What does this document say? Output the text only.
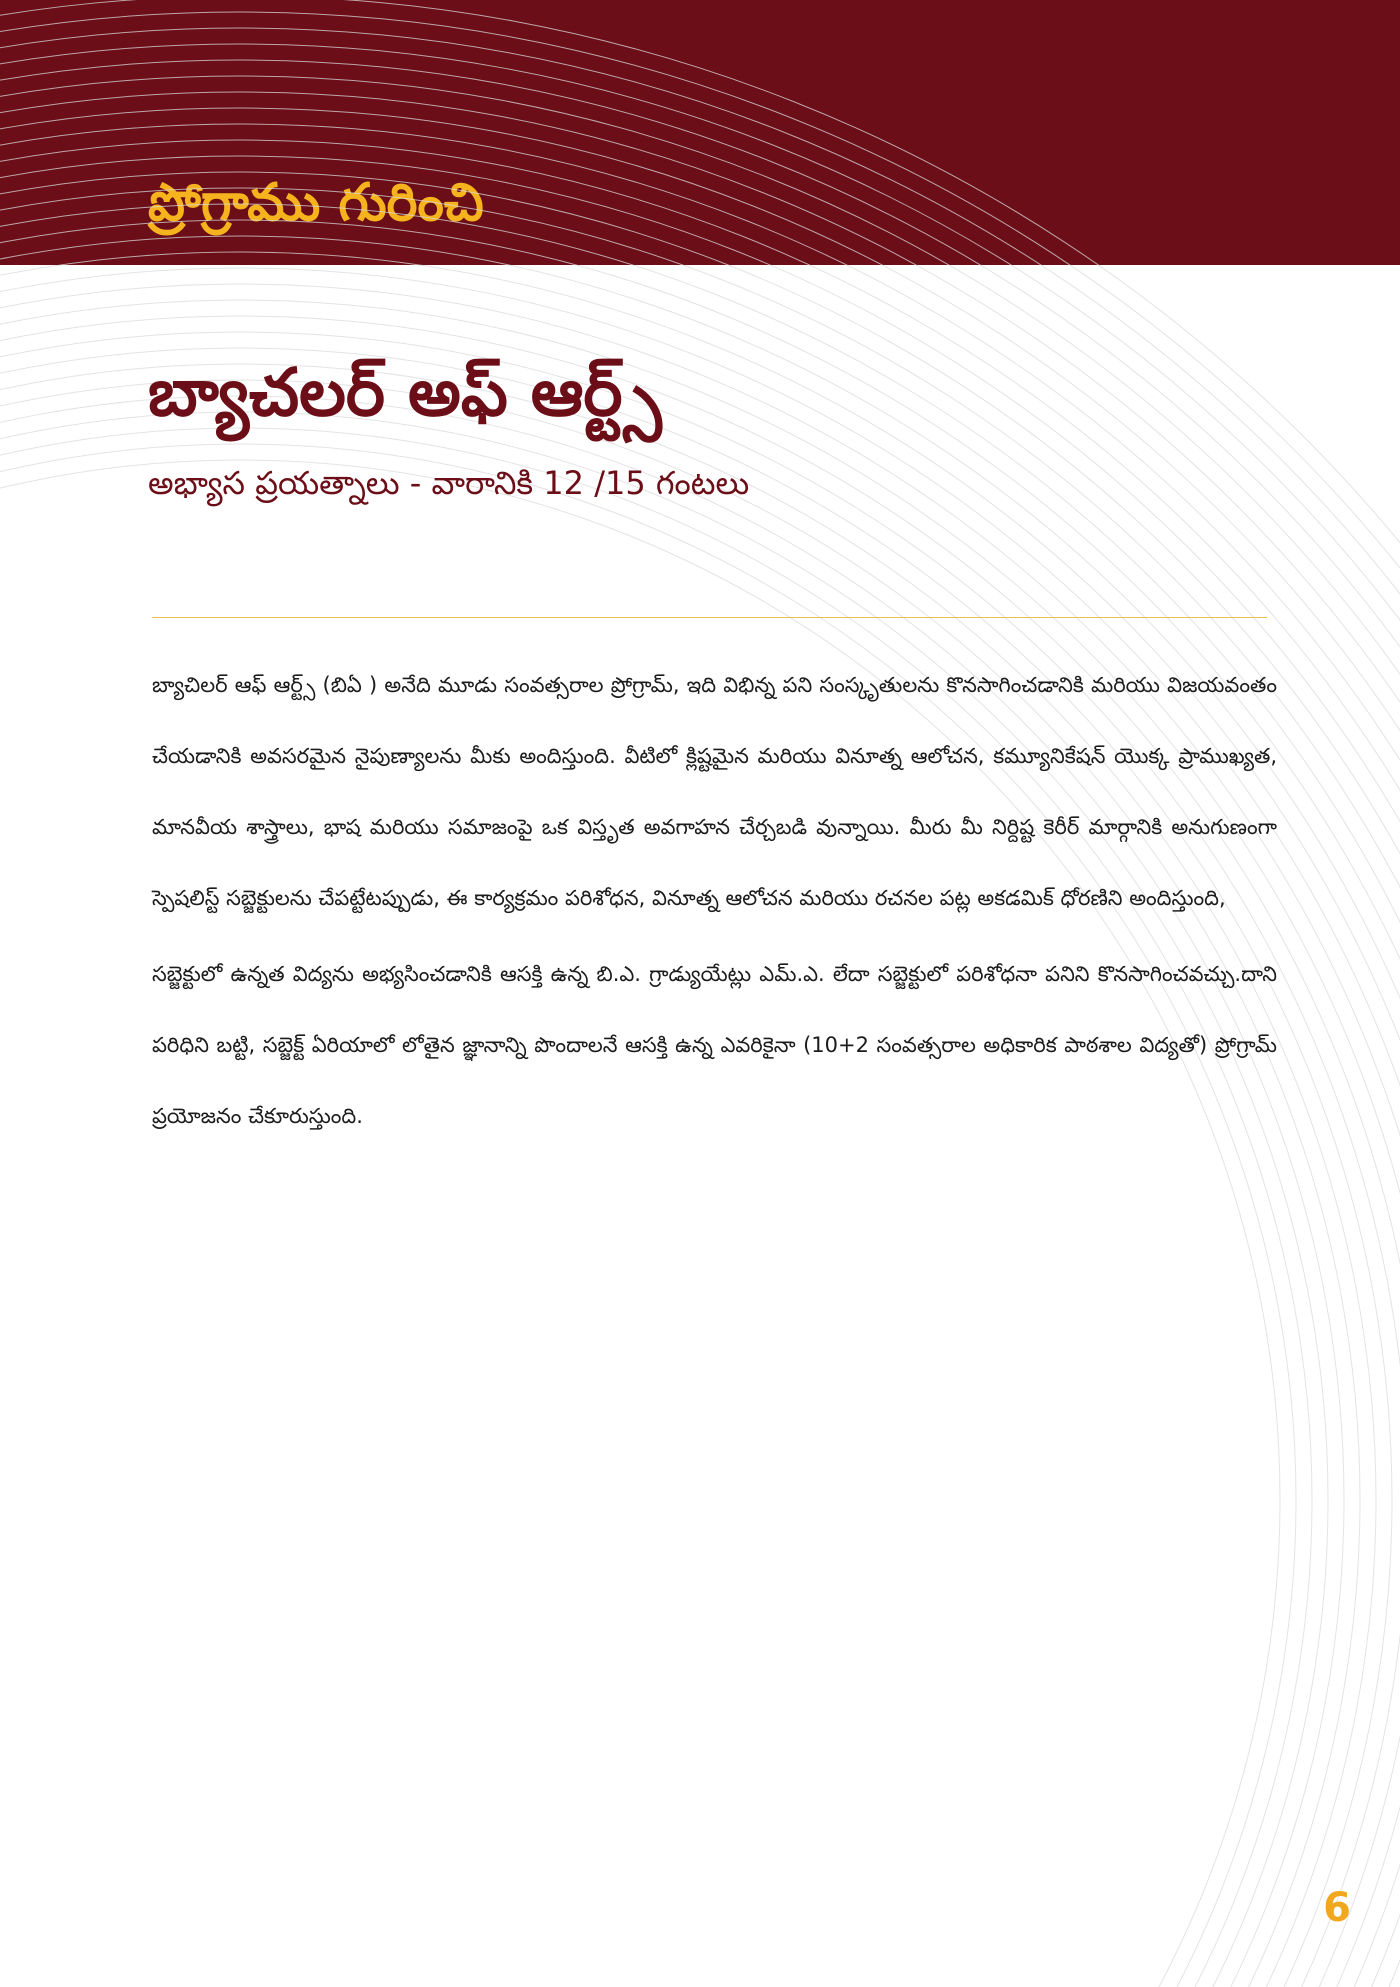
ప్రోగ్రాము గురించి
బ్యాచలర్ అఫ్ ఆర్ట్స్
అభ్యాస ప్రయత్నాలు - వారానికి 12 /15 గంటలు

బ్యాచిలర్ ఆఫ్ ఆర్ట్స్ (బిఏ ) అనేది మూడు సంవత్సరాల ప్రోగ్రామ్, ఇది విభిన్న పని సంస్కృతులను కొనసాగించడానికి మరియు విజయవంతం చేయడానికి అవసరమైన నైపుణ్యాలను మీకు అందిస్తుంది. వీటిలో క్లిష్టమైన మరియు వినూత్న ఆలోచన, కమ్యూనికేషన్ యొక్క ప్రాముఖ్యత, మానవీయ శాస్త్రాలు, భాష మరియు సమాజంపై ఒక విస్తృత అవగాహన చేర్చబడి వున్నాయి. మీరు మీ నిర్దిష్ట కెరీర్ మార్గానికి అనుగుణంగా స్పెషలిస్ట్ సబ్జెక్టులను చేపట్టేటప్పుడు, ఈ కార్యక్రమం పరిశోధన, వినూత్న ఆలోచన మరియు రచనల పట్ల అకడమిక్ ధోరణిని అందిస్తుంది,

సబ్జెక్టులో ఉన్నత విద్యను అభ్యసించడానికి ఆసక్తి ఉన్న బి.ఎ. గ్రాడ్యుయేట్లు ఎమ్.ఎ. లేదా సబ్జెక్టులో పరిశోధనా పనిని కొనసాగించవచ్చు.దాని పరిధిని బట్టి, సబ్జెక్ట్ ఏరియాలో లోతైన జ్ఞానాన్ని పొందాలనే ఆసక్తి ఉన్న ఎవరికైనా (10+2 సంవత్సరాల అధికారిక పాఠశాల విద్యతో) ప్రోగ్రామ్ ప్రయోజనం చేకూరుస్తుంది.

6
